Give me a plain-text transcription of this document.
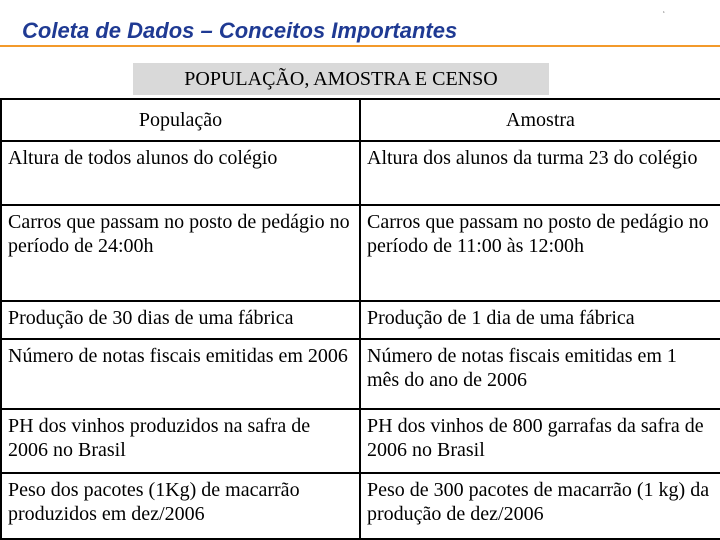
Coleta de Dados – Conceitos Importantes
‘
POPULAÇÃO, AMOSTRA E CENSO
População	Amostra
Altura de todos alunos do colégio	Altura dos alunos da turma 23 do colégio
Carros que passam no posto de pedágio no período de 24:00h	Carros que passam no posto de pedágio no período de 11:00 às 12:00h
Produção de 30 dias de uma fábrica	Produção de 1 dia de uma fábrica
Número de notas fiscais emitidas em 2006	Número de notas fiscais emitidas em 1 mês do ano de 2006
PH dos vinhos produzidos na safra de 2006 no Brasil	PH dos vinhos de 800 garrafas da safra de 2006 no Brasil
Peso dos pacotes (1Kg) de macarrão produzidos em dez/2006	Peso de 300 pacotes de macarrão (1 kg) da produção de dez/2006
